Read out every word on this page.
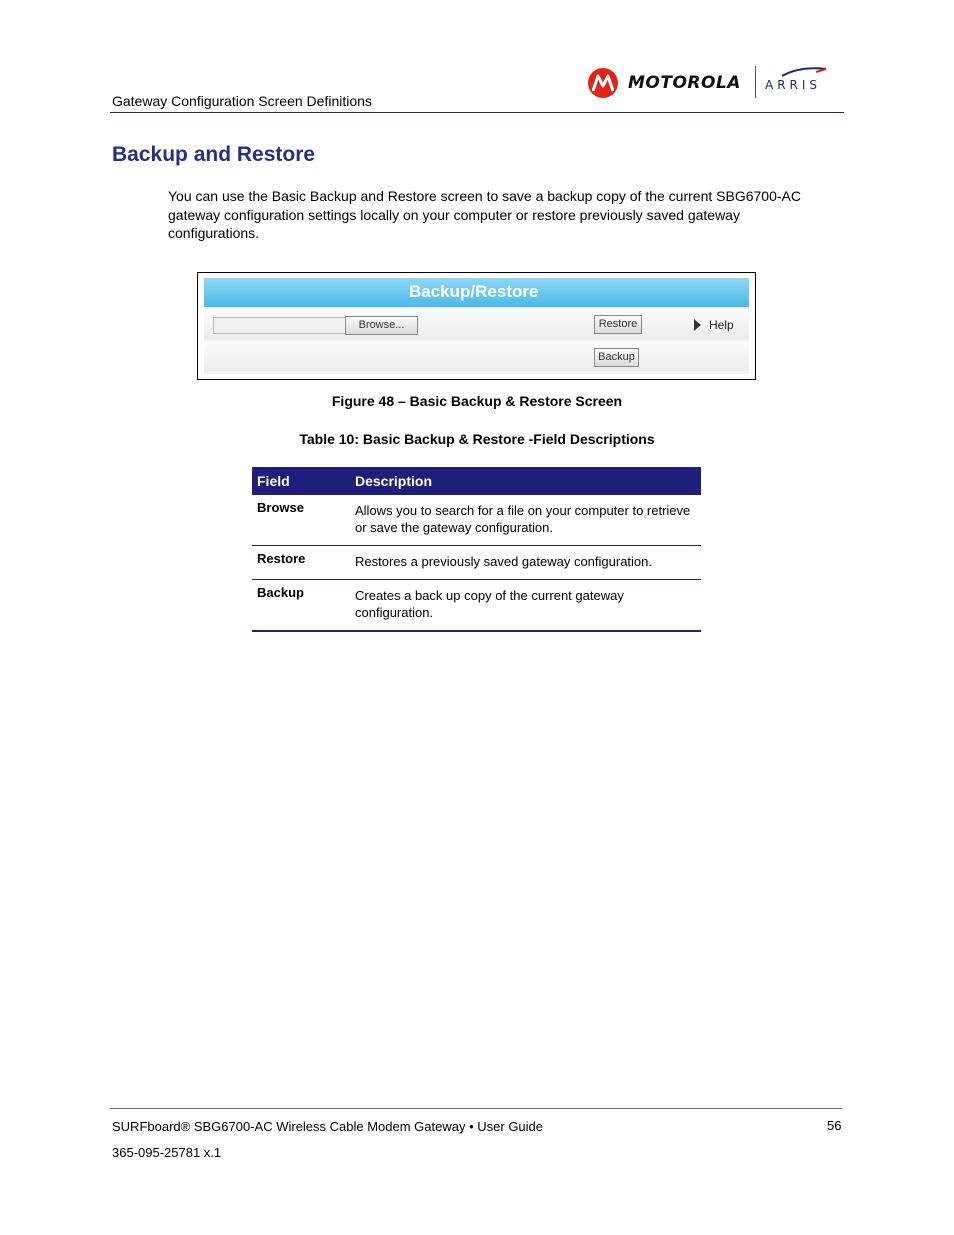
Gateway Configuration Screen Definitions
MOTOROLA ARRIS
Backup and Restore
You can use the Basic Backup and Restore screen to save a backup copy of the current SBG6700-AC gateway configuration settings locally on your computer or restore previously saved gateway configurations.
Backup/Restore
Browse...	Restore	Help
Backup
Figure 48 – Basic Backup & Restore Screen
Table 10: Basic Backup & Restore -Field Descriptions
Field	Description
Browse	Allows you to search for a file on your computer to retrieve or save the gateway configuration.
Restore	Restores a previously saved gateway configuration.
Backup	Creates a back up copy of the current gateway configuration.
SURFboard® SBG6700-AC Wireless Cable Modem Gateway • User Guide	56
365-095-25781 x.1
